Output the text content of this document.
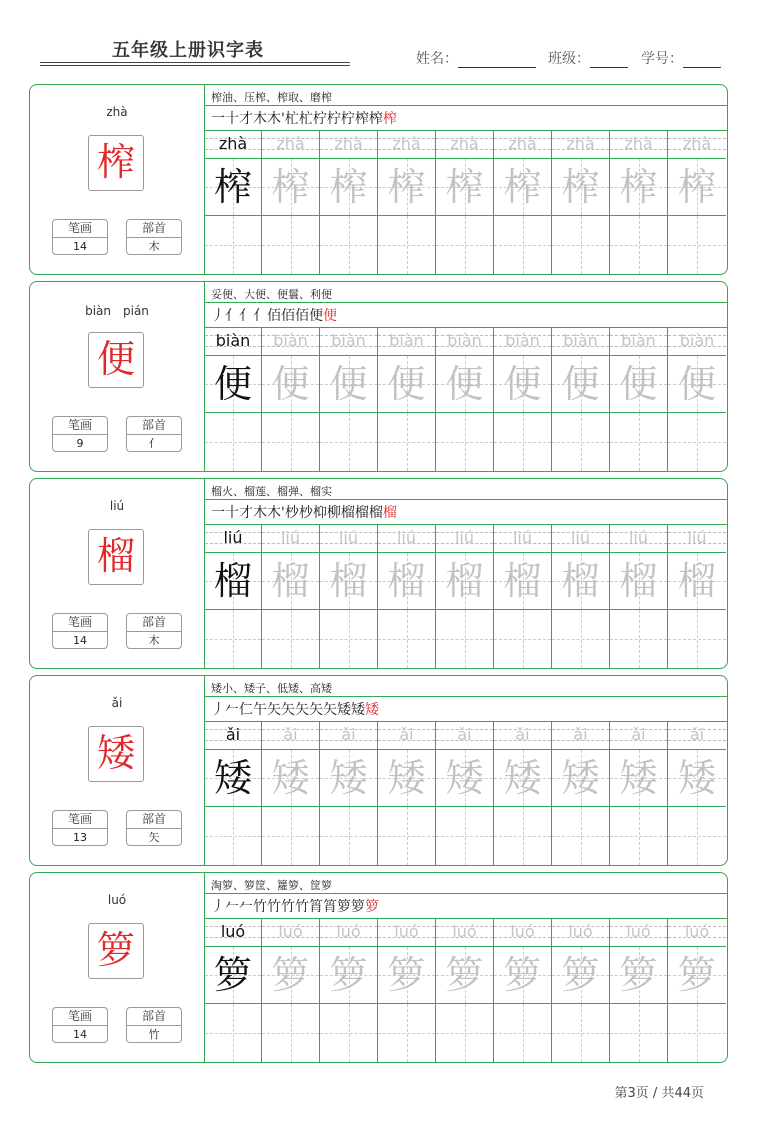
五年级上册识字表	姓名：	班级：	学号：
zhà
榨
笔画
14
部首
木
榨油、压榨、榨取、磨榨
一十才木木'杧杧柠柠柠榨榨榨
zhà
榨
zhà
榨
zhà
榨
zhà
榨
zhà
榨
zhà
榨
zhà
榨
zhà
榨
zhà
榨
biàn　pián
便
笔画
9
部首
亻
妥便、大便、便鬟、利便
丿亻亻亻佰佰佰便便
biàn
便
biàn
便
biàn
便
biàn
便
biàn
便
biàn
便
biàn
便
biàn
便
biàn
便
liú
榴
笔画
14
部首
木
榴火、榴莲、榴弹、榴实
一十才木木'杪杪枊柳榴榴榴榴
liú
榴
liú
榴
liú
榴
liú
榴
liú
榴
liú
榴
liú
榴
liú
榴
liú
榴
ǎi
矮
笔画
13
部首
矢
矮小、矮子、低矮、高矮
丿𠂉仁午矢矢矢矢矢矮矮矮
ǎi
矮
ǎi
矮
ǎi
矮
ǎi
矮
ǎi
矮
ǎi
矮
ǎi
矮
ǎi
矮
ǎi
矮
luó
箩
笔画
14
部首
竹
淘箩、箩筐、籮箩、筐箩
丿𠂉𠂉竹竹竹竹筲筲箩箩箩
luó
箩
luó
箩
luó
箩
luó
箩
luó
箩
luó
箩
luó
箩
luó
箩
luó
箩
第3页 / 共44页
